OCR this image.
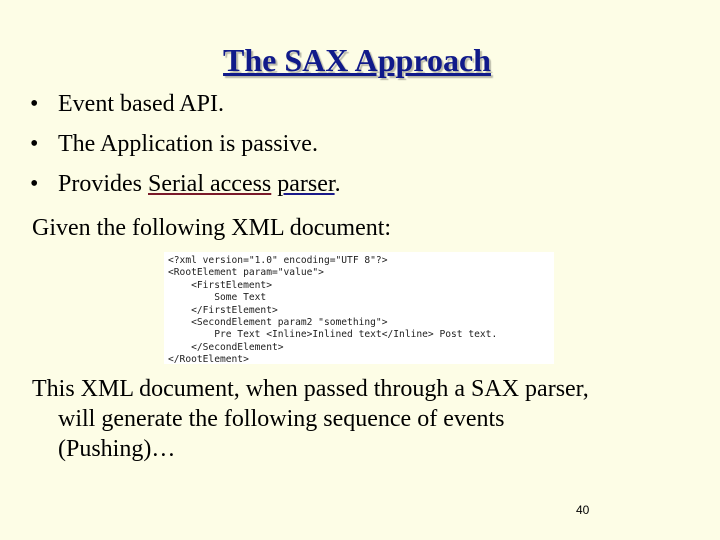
The SAX Approach
• Event based API.
• The Application is passive.
• Provides Serial access parser.
Given the following XML document:
<?xml version="1.0" encoding="UTF 8"?>
<RootElement param="value">
<FirstElement>
Some Text
</FirstElement>
<SecondElement param2 "something">
Pre Text <Inline>Inlined text</Inline> Post text.
</SecondElement>
</RootElement>
This XML document, when passed through a SAX parser,
will generate the following sequence of events
(Pushing)…
40
